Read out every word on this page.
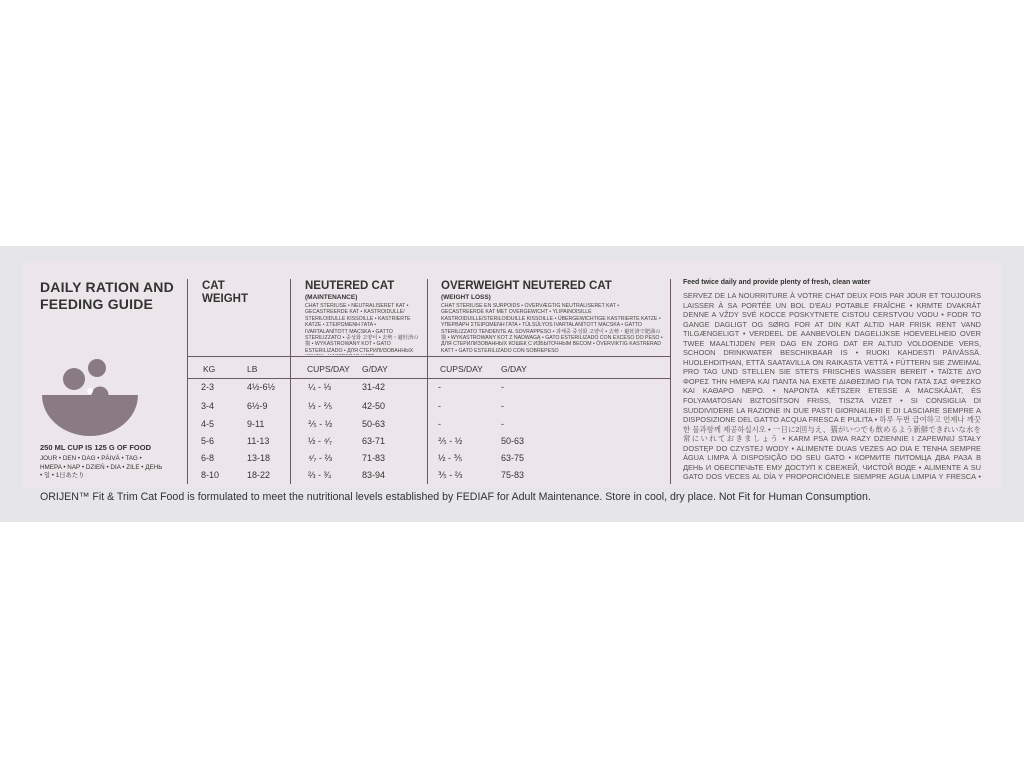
DAILY RATION AND
FEEDING GUIDE
250 ML CUP IS 125 G OF FOOD
JOUR • DEN • DAG • PÄIVÄ • TAG • ΗΜΕΡΑ • NAP • DZIEŃ • DIA • ZILE • ДЕНЬ • 일 • 1日あたり
CAT
WEIGHT
NEUTERED CAT
(MAINTENANCE)
CHAT STÉRILISÉ • NEUTRALISERET KAT • GECASTREERDE KAT • KASTROIDULLE/ STERILOIDULLE KISSOILLE • KASTRIERTE KATZE • ΣΤΕΙΡΩΜΕΝΗ ΓΑΤΑ • IVARTALANÍTOTT MACSKA • GATTO STERILIZZATO • 중성화 고양이 • 去勢・避妊済の猫 • WYKASTROWANY KOT • GATO ESTERILIZADO • ДЛЯ СТЕРИЛИЗОВАННЫХ
OVERWEIGHT NEUTERED CAT
(WEIGHT LOSS)
CHAT STÉRILISÉ EN SURPOIDS • OVERVÆGTIG NEUTRALISERET KAT • GECASTREERDE KAT MET OVERGEWICHT • YLIPAINOISILLE KASTROIDUILLE/STERILOIDUILLE KISSOILLE • ÜBERGEWICHTIGE KASTRIERTE KATZE • ΥΠΕΡΒΑΡΗ ΣΤΕΙΡΩΜΕΝΗ ΓΑΤΑ • TÚLSÚLYOS IVARTALANÍTOTT MACSKA • GATTO STERILIZZATO TENDENTE AL SOVRAPPESO • 과체중 중성화 고양이 • 去勢・避妊済で肥満の猫 • WYKASTROWANY KOT Z NADWAGĄ • GATO ESTERILIZADO CON EXCESO DO PESO • ДЛЯ СТЕРИЛИЗОВАННЫХ КОШЕК С ИЗБЫТОЧНЫМ ВЕСОМ • ÖVERVIKTIG KASTRERAD KATT • GATO ESTERILIZADO CON SOBREPESO
KG	LB	CUPS/DAY G/DAY	CUPS/DAY G/DAY
2-3	4½-6½	¼ - ⅓	31-42	-	-
3-4	6½-9	⅓ - ⅖	42-50	-	-
4-5	9-11	⅖ - ½	50-63	-	-
5-6	11-13	½ - ⁴⁄₇	63-71	⅖ - ½	50-63
6-8	13-18	⁴⁄₇ - ⅔	71-83	½ - ⅗	63-75
8-10	18-22	⅔ - ¾	83-94	⅗ - ⅔	75-83
Feed twice daily and provide plenty of fresh, clean water
SERVEZ DE LA NOURRITURE À VOTRE CHAT DEUX FOIS PAR JOUR ET TOUJOURS LAISSER À SA PORTÉE UN BOL D'EAU POTABLE FRAÎCHE • KRMTE DVAKRÁT DENNE A VŽDY SVÉ KOCCE POSKYTNETE CISTOU CERSTVOU VODU • FODR TO GANGE DAGLIGT OG SØRG FOR AT DIN KAT ALTID HAR FRISK RENT VAND TILGÆNGELIGT • VERDEEL DE AANBEVOLEN DAGELIJKSE HOEVEELHEID OVER TWEE MAALTIJDEN PER DAG EN ZORG DAT ER ALTIJD VOLDOENDE VERS, SCHOON DRINKWATER BESCHIKBAAR IS • RUOKI KAHDESTI PÄIVÄSSÄ. HUOLEHDITHAN, ETTÄ SAATAVILLA ON RAIKASTA VETTÄ • FÜTTERN SIE ZWEIMAL PRO TAG UND STELLEN SIE STETS FRISCHES WASSER BEREIT • ΤΑΪΣΤΕ ΔΥΟ ΦΟΡΕΣ ΤΗΝ ΗΜΕΡΑ ΚΑΙ ΠΑΝΤΑ ΝΑ ΕΧΕΤΕ ΔΙΑΘΕΣΙΜΟ ΓΙΑ ΤΟΝ ΓΑΤΑ ΣΑΣ ΦΡΕΣΚΟ ΚΑΙ ΚΑΘΑΡΟ ΝΕΡΟ. • NAPONTA KÉTSZER ETESSE A MACSKÁJÁT, ÉS FOLYAMATOSAN BIZTOSÍTSON FRISS, TISZTA VIZET • SI CONSIGLIA DI SUDDIVIDERE LA RAZIONE IN DUE PASTI GIORNALIERI E DI LASCIARE SEMPRE A DISPOSIZIONE DEL GATTO ACQUA FRESCA E PULITA • 하루 두번 급여하고 언제나 깨끗한 물과함께 제공하십시오 • 一日に2回与え、猫がいつでも飲めるよう新鮮できれいな水を常にいれておきましょう • KARM PSA DWA RAZY DZIENNIE I ZAPEWNIJ STAŁY DOSTĘP DO CZYSTEJ WODY • ALIMENTE DUAS VEZES AO DIA E TENHA SEMPRE ÁGUA LIMPA À DISPOSIÇÃO DO SEU GATO • КОРМИТЕ ПИТОМЦА ДВА РАЗА В ДЕНЬ И ОБЕСПЕЧЬТЕ ЕМУ ДОСТУП К СВЕЖЕЙ, ЧИСТОЙ ВОДЕ • ALIMENTE A SU GATO DOS VECES AL DÍA Y PROPORCIÓNELE SIEMPRE AGUA LIMPIA Y FRESCA •
ORIJEN™ Fit & Trim Cat Food is formulated to meet the nutritional levels established by FEDIAF for Adult Maintenance. Store in cool, dry place. Not Fit for Human Consumption.
